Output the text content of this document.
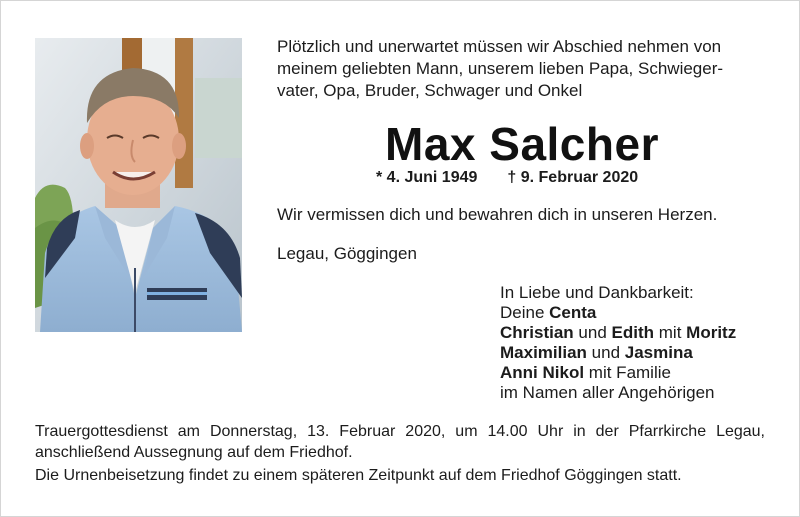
Plötzlich und unerwartet müssen wir Abschied nehmen von
meinem geliebten Mann, unserem lieben Papa, Schwieger-
vater, Opa, Bruder, Schwager und Onkel
Max Salcher

* 4. Juni 1949 † 9. Februar 2020

Wir vermissen dich und bewahren dich in unseren Herzen.

Legau, Göggingen

In Liebe und Dankbarkeit:

Deine Centa

Christian und Edith mit Moritz

Maximilian und Jasmina

Anni Nikol mit Familie

im Namen aller Angehörigen

Trauergottesdienst am Donnerstag, 13. Februar 2020, um 14.00 Uhr in der Pfarrkirche Legau, anschließend Aussegnung auf dem Friedhof.

Die Urnenbeisetzung findet zu einem späteren Zeitpunkt auf dem Friedhof Göggingen statt.
